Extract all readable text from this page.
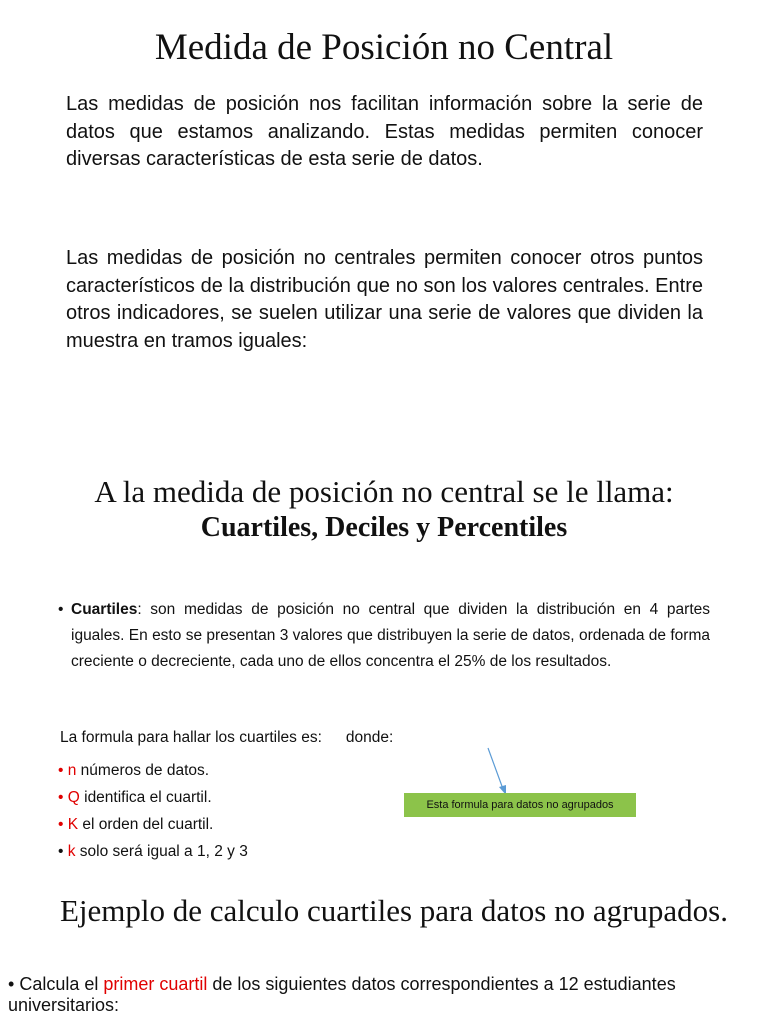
Medida de Posición no Central
Las medidas de posición nos facilitan información sobre la serie de datos que estamos analizando. Estas medidas permiten conocer diversas características de esta serie de datos.
Las medidas de posición no centrales permiten conocer otros puntos característicos de la distribución que no son los valores centrales. Entre otros indicadores, se suelen utilizar una serie de valores que dividen la muestra en tramos iguales:
A la medida de posición no central se le llama:
Cuartiles, Deciles y Percentiles
• Cuartiles: son medidas de posición no central que dividen la distribución en 4 partes iguales. En esto se presentan 3 valores que distribuyen la serie de datos, ordenada de forma creciente o decreciente, cada uno de ellos concentra el 25% de los resultados.
La formula para hallar los cuartiles es: donde:
• n números de datos.
• Q identifica el cuartil.
• K el orden del cuartil.
• k solo será igual a 1, 2 y 3
Esta formula para datos no agrupados
Ejemplo de calculo cuartiles para datos no agrupados.
• Calcula el primer cuartil de los siguientes datos correspondientes a 12 estudiantes universitarios:
